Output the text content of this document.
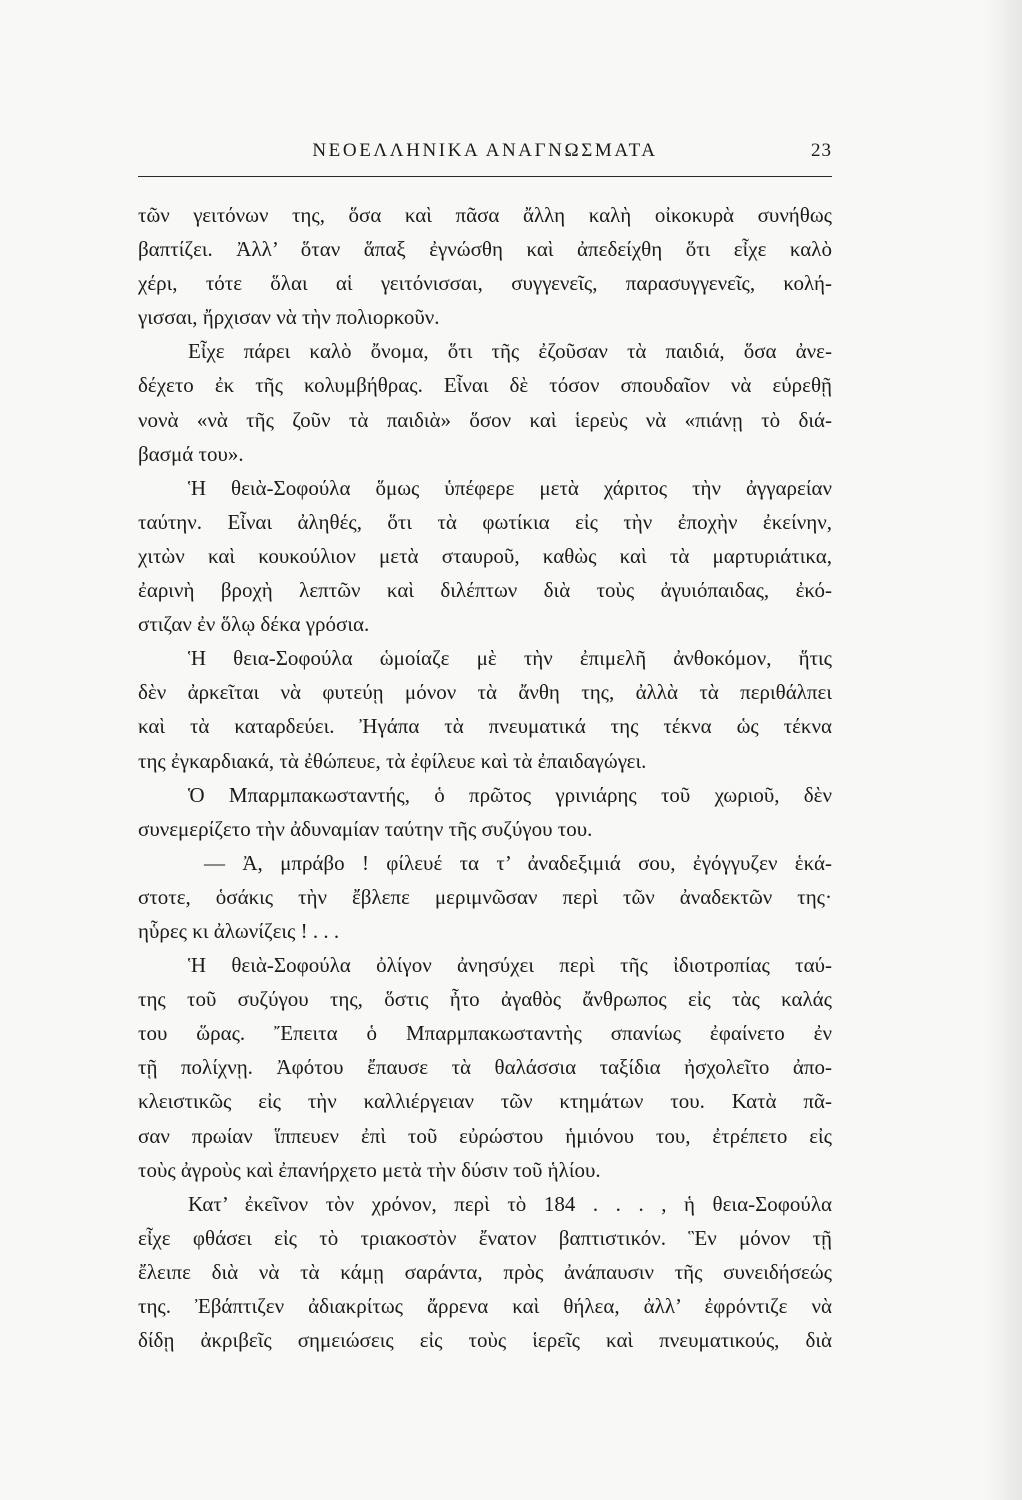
ΝΕΟΕΛΛΗΝΙΚΑ ΑΝΑΓΝΩΣΜΑΤΑ	23
τῶν γειτόνων της, ὅσα καὶ πᾶσα ἄλλη καλὴ οἰκοκυρὰ συνήθως
βαπτίζει. Ἀλλ’ ὅταν ἅπαξ ἐγνώσθη καὶ ἀπεδείχθη ὅτι εἶχε καλὸ
χέρι, τότε ὅλαι αἱ γειτόνισσαι, συγγενεῖς, παρασυγγενεῖς, κολή-
γισσαι, ἤρχισαν νὰ τὴν πολιορκοῦν.
Εἶχε πάρει καλὸ ὄνομα, ὅτι τῆς ἐζοῦσαν τὰ παιδιά, ὅσα ἀνε-
δέχετο ἐκ τῆς κολυμβήθρας. Εἶναι δὲ τόσον σπουδαῖον νὰ εὑρεθῇ
νονὰ «νὰ τῆς ζοῦν τὰ παιδιὰ» ὅσον καὶ ἱερεὺς νὰ «πιάνῃ τὸ διά-
βασμά του».
Ἡ θειὰ-Σοφούλα ὅμως ὑπέφερε μετὰ χάριτος τὴν ἀγγαρείαν
ταύτην. Εἶναι ἀληθές, ὅτι τὰ φωτίκια εἰς τὴν ἐποχὴν ἐκείνην,
χιτὼν καὶ κουκούλιον μετὰ σταυροῦ, καθὼς καὶ τὰ μαρτυριάτικα,
ἐαρινὴ βροχὴ λεπτῶν καὶ διλέπτων διὰ τοὺς ἀγυιόπαιδας, ἐκό-
στιζαν ἐν ὅλῳ δέκα γρόσια.
Ἡ θεια-Σοφούλα ὡμοίαζε μὲ τὴν ἐπιμελῆ ἀνθοκόμον, ἥτις
δὲν ἀρκεῖται νὰ φυτεύῃ μόνον τὰ ἄνθη της, ἀλλὰ τὰ περιθάλπει
καὶ τὰ καταρδεύει. Ἠγάπα τὰ πνευματικά της τέκνα ὡς τέκνα
της ἐγκαρδιακά, τὰ ἐθώπευε, τὰ ἐφίλευε καὶ τὰ ἐπαιδαγώγει.
Ὁ Μπαρμπακωσταντής, ὁ πρῶτος γρινιάρης τοῦ χωριοῦ, δὲν
συνεμερίζετο τὴν ἀδυναμίαν ταύτην τῆς συζύγου του.
— Ἀ, μπράβο ! φίλευέ τα τ’ ἀναδεξιμιά σου, ἐγόγγυζεν ἑκά-
στοτε, ὁσάκις τὴν ἔβλεπε μεριμνῶσαν περὶ τῶν ἀναδεκτῶν της·
ηὗρες κι ἀλωνίζεις ! . . .
Ἡ θειὰ-Σοφούλα ὀλίγον ἀνησύχει περὶ τῆς ἰδιοτροπίας ταύ-
της τοῦ συζύγου της, ὅστις ἦτο ἀγαθὸς ἄνθρωπος εἰς τὰς καλάς
του ὥρας. Ἔπειτα ὁ Μπαρμπακωσταντὴς σπανίως ἐφαίνετο ἐν
τῇ πολίχνῃ. Ἀφότου ἔπαυσε τὰ θαλάσσια ταξίδια ἠσχολεῖτο ἀπο-
κλειστικῶς εἰς τὴν καλλιέργειαν τῶν κτημάτων του. Κατὰ πᾶ-
σαν πρωίαν ἵππευεν ἐπὶ τοῦ εὐρώστου ἡμιόνου του, ἐτρέπετο εἰς
τοὺς ἀγροὺς καὶ ἐπανήρχετο μετὰ τὴν δύσιν τοῦ ἡλίου.
Κατ’ ἐκεῖνον τὸν χρόνον, περὶ τὸ 184 . . . , ἡ θεια-Σοφούλα
εἶχε φθάσει εἰς τὸ τριακοστὸν ἔνατον βαπτιστικόν. Ἓν μόνον τῇ
ἔλειπε διὰ νὰ τὰ κάμῃ σαράντα, πρὸς ἀνάπαυσιν τῆς συνειδήσεώς
της. Ἐβάπτιζεν ἀδιακρίτως ἄρρενα καὶ θήλεα, ἀλλ’ ἐφρόντιζε νὰ
δίδῃ ἀκριβεῖς σημειώσεις εἰς τοὺς ἱερεῖς καὶ πνευματικούς, διὰ
